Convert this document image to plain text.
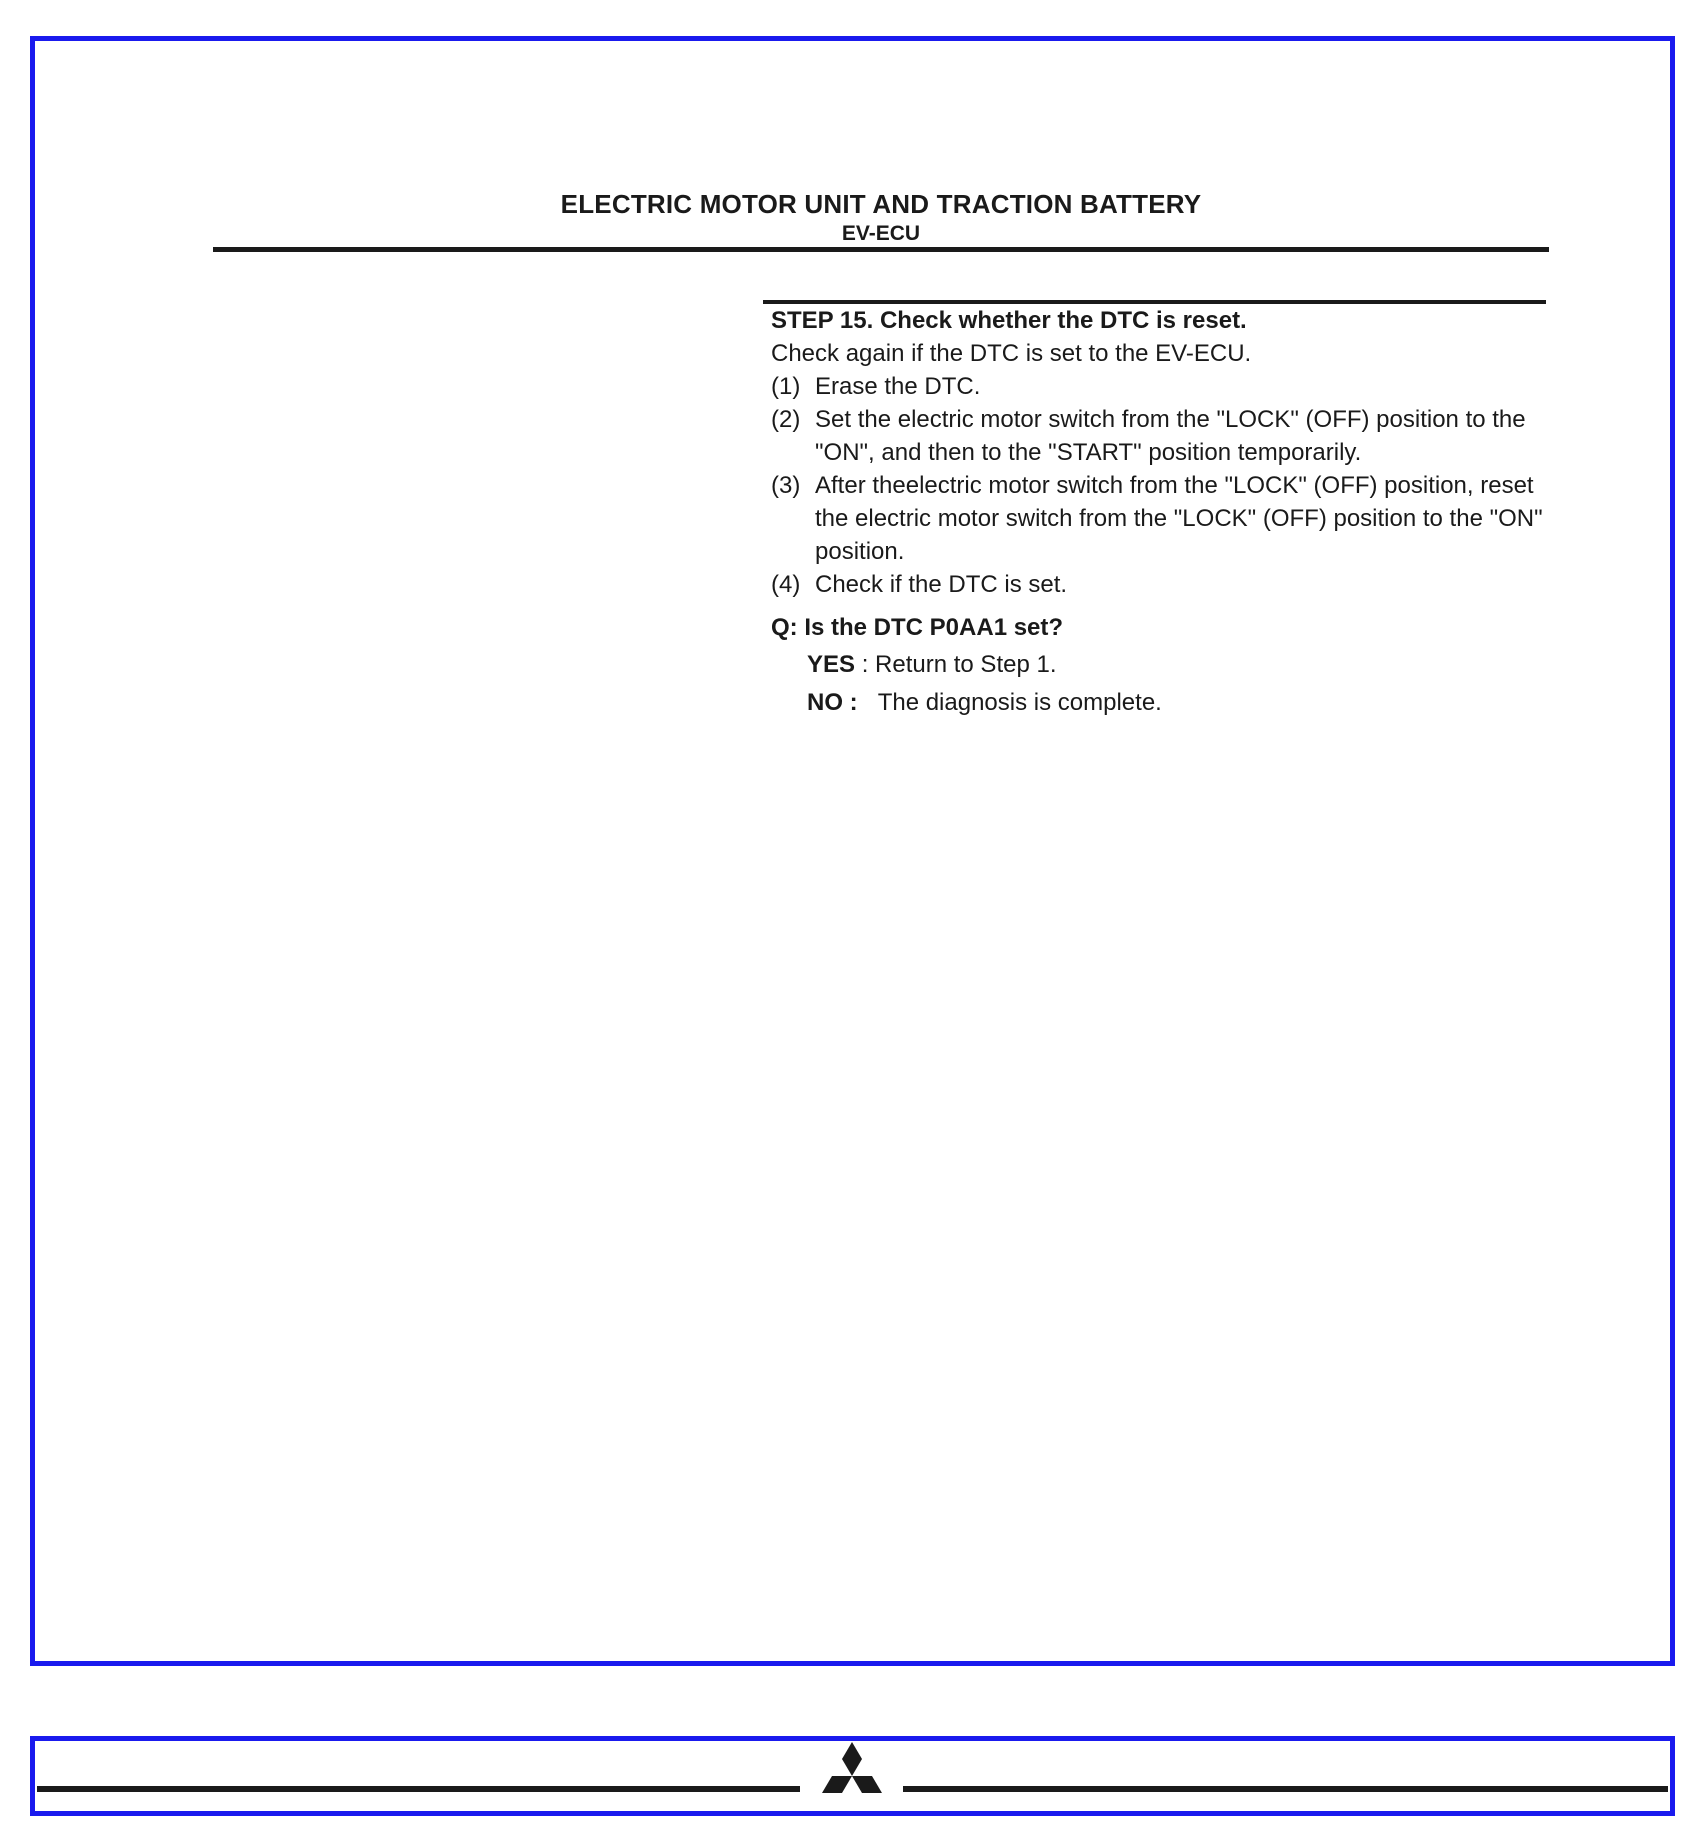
ELECTRIC MOTOR UNIT AND TRACTION BATTERY
EV-ECU

STEP 15. Check whether the DTC is reset.

Check again if the DTC is set to the EV-ECU.

(1) Erase the DTC.
(2) Set the electric motor switch from the "LOCK" (OFF) position to the "ON", and then to the "START" position temporarily.
(3) After theelectric motor switch from the "LOCK" (OFF) position, reset the electric motor switch from the "LOCK" (OFF) position to the "ON" position.
(4) Check if the DTC is set.

Q: Is the DTC P0AA1 set?

YES : Return to Step 1.
NO :
The diagnosis is complete.
